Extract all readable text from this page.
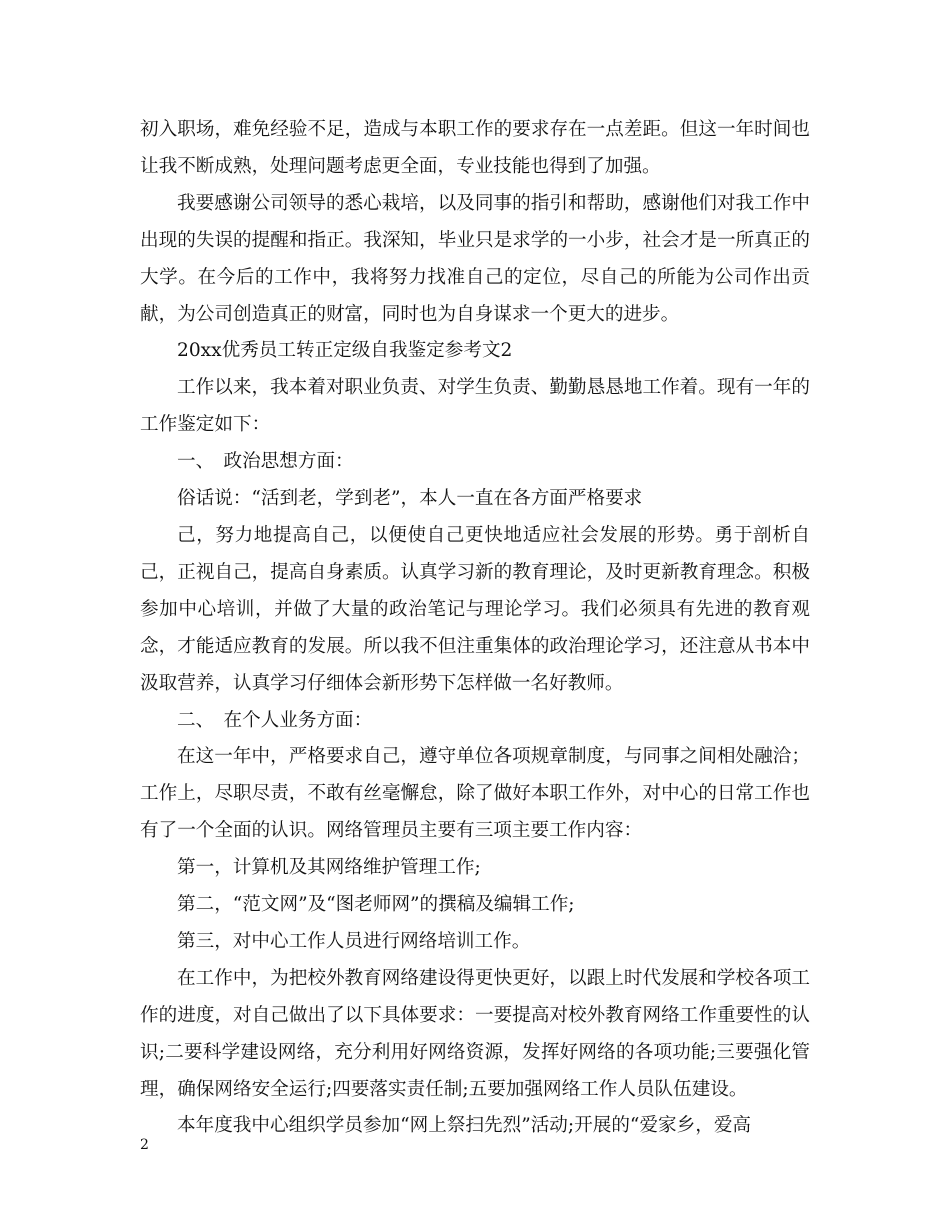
初入职场，难免经验不足，造成与本职工作的要求存在一点差距。但这一年时间也让我不断成熟，处理问题考虑更全面，专业技能也得到了加强。

我要感谢公司领导的悉心栽培，以及同事的指引和帮助，感谢他们对我工作中出现的失误的提醒和指正。我深知，毕业只是求学的一小步，社会才是一所真正的大学。在今后的工作中，我将努力找准自己的定位，尽自己的所能为公司作出贡献，为公司创造真正的财富，同时也为自身谋求一个更大的进步。

20xx优秀员工转正定级自我鉴定参考文2

工作以来，我本着对职业负责、对学生负责、勤勤恳恳地工作着。现有一年的工作鉴定如下：

一、　政治思想方面：

俗话说：“活到老，学到老”，本人一直在各方面严格要求

己，努力地提高自己，以便使自己更快地适应社会发展的形势。勇于剖析自己，正视自己，提高自身素质。认真学习新的教育理论，及时更新教育理念。积极参加中心培训，并做了大量的政治笔记与理论学习。我们必须具有先进的教育观念，才能适应教育的发展。所以我不但注重集体的政治理论学习，还注意从书本中汲取营养，认真学习仔细体会新形势下怎样做一名好教师。

二、　在个人业务方面：

在这一年中，严格要求自己，遵守单位各项规章制度，与同事之间相处融洽；工作上，尽职尽责，不敢有丝毫懈怠，除了做好本职工作外，对中心的日常工作也有了一个全面的认识。网络管理员主要有三项主要工作内容：

第一，计算机及其网络维护管理工作;

第二，“范文网”及“图老师网”的撰稿及编辑工作;

第三，对中心工作人员进行网络培训工作。

在工作中，为把校外教育网络建设得更快更好，以跟上时代发展和学校各项工作的进度，对自己做出了以下具体要求：一要提高对校外教育网络工作重要性的认识;二要科学建设网络，充分利用好网络资源，发挥好网络的各项功能;三要强化管理，确保网络安全运行;四要落实责任制;五要加强网络工作人员队伍建设。

本年度我中心组织学员参加“网上祭扫先烈”活动;开展的“爱家乡，爱高

2
